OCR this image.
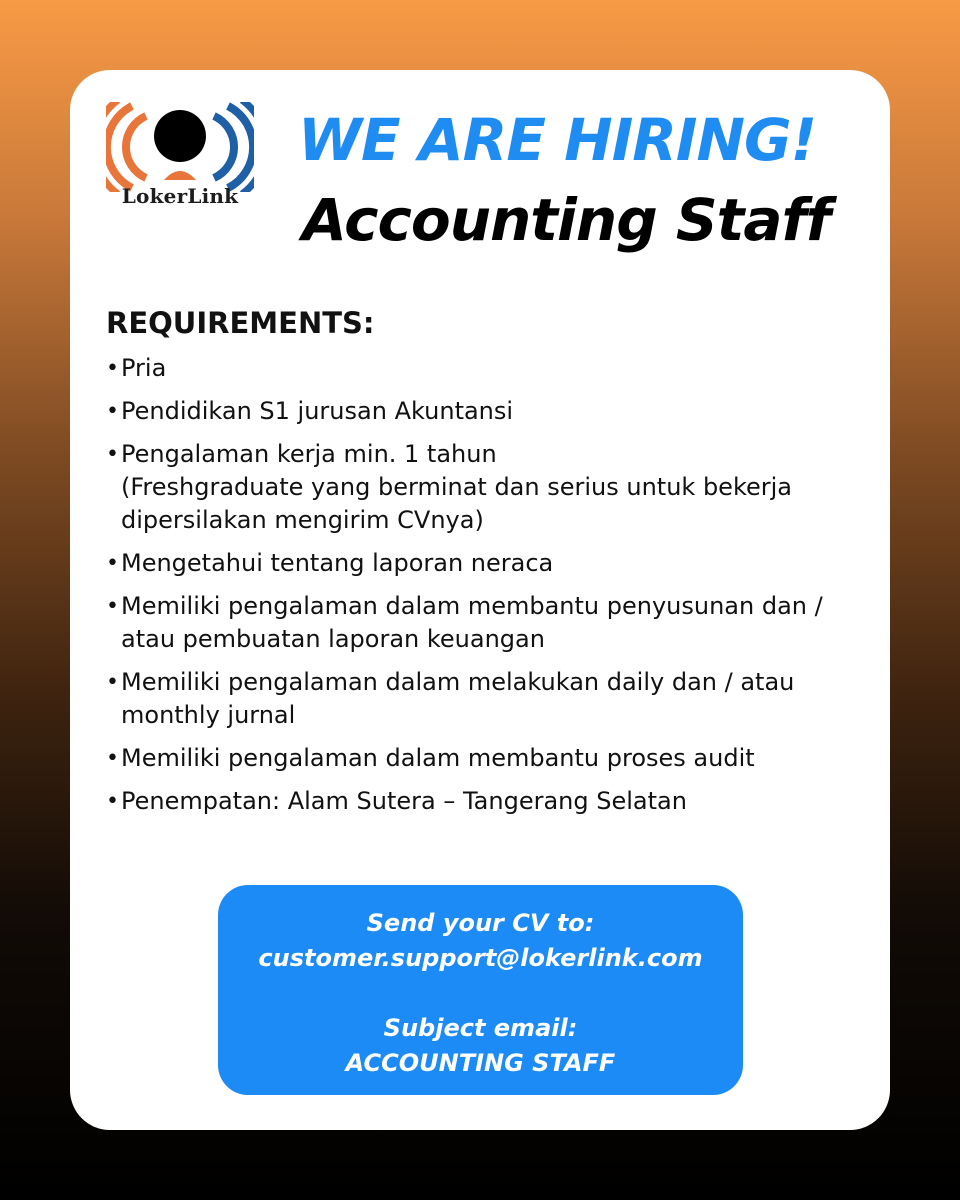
LokerLink
WE ARE HIRING!
Accounting Staff
REQUIREMENTS:
• Pria
• Pendidikan S1 jurusan Akuntansi
• Pengalaman kerja min. 1 tahun
(Freshgraduate yang berminat dan serius untuk bekerja
dipersilakan mengirim CVnya)
• Mengetahui tentang laporan neraca
• Memiliki pengalaman dalam membantu penyusunan dan /
atau pembuatan laporan keuangan
• Memiliki pengalaman dalam melakukan daily dan / atau
monthly jurnal
• Memiliki pengalaman dalam membantu proses audit
• Penempatan: Alam Sutera – Tangerang Selatan
Send your CV to:
customer.support@lokerlink.com
Subject email:
ACCOUNTING STAFF
